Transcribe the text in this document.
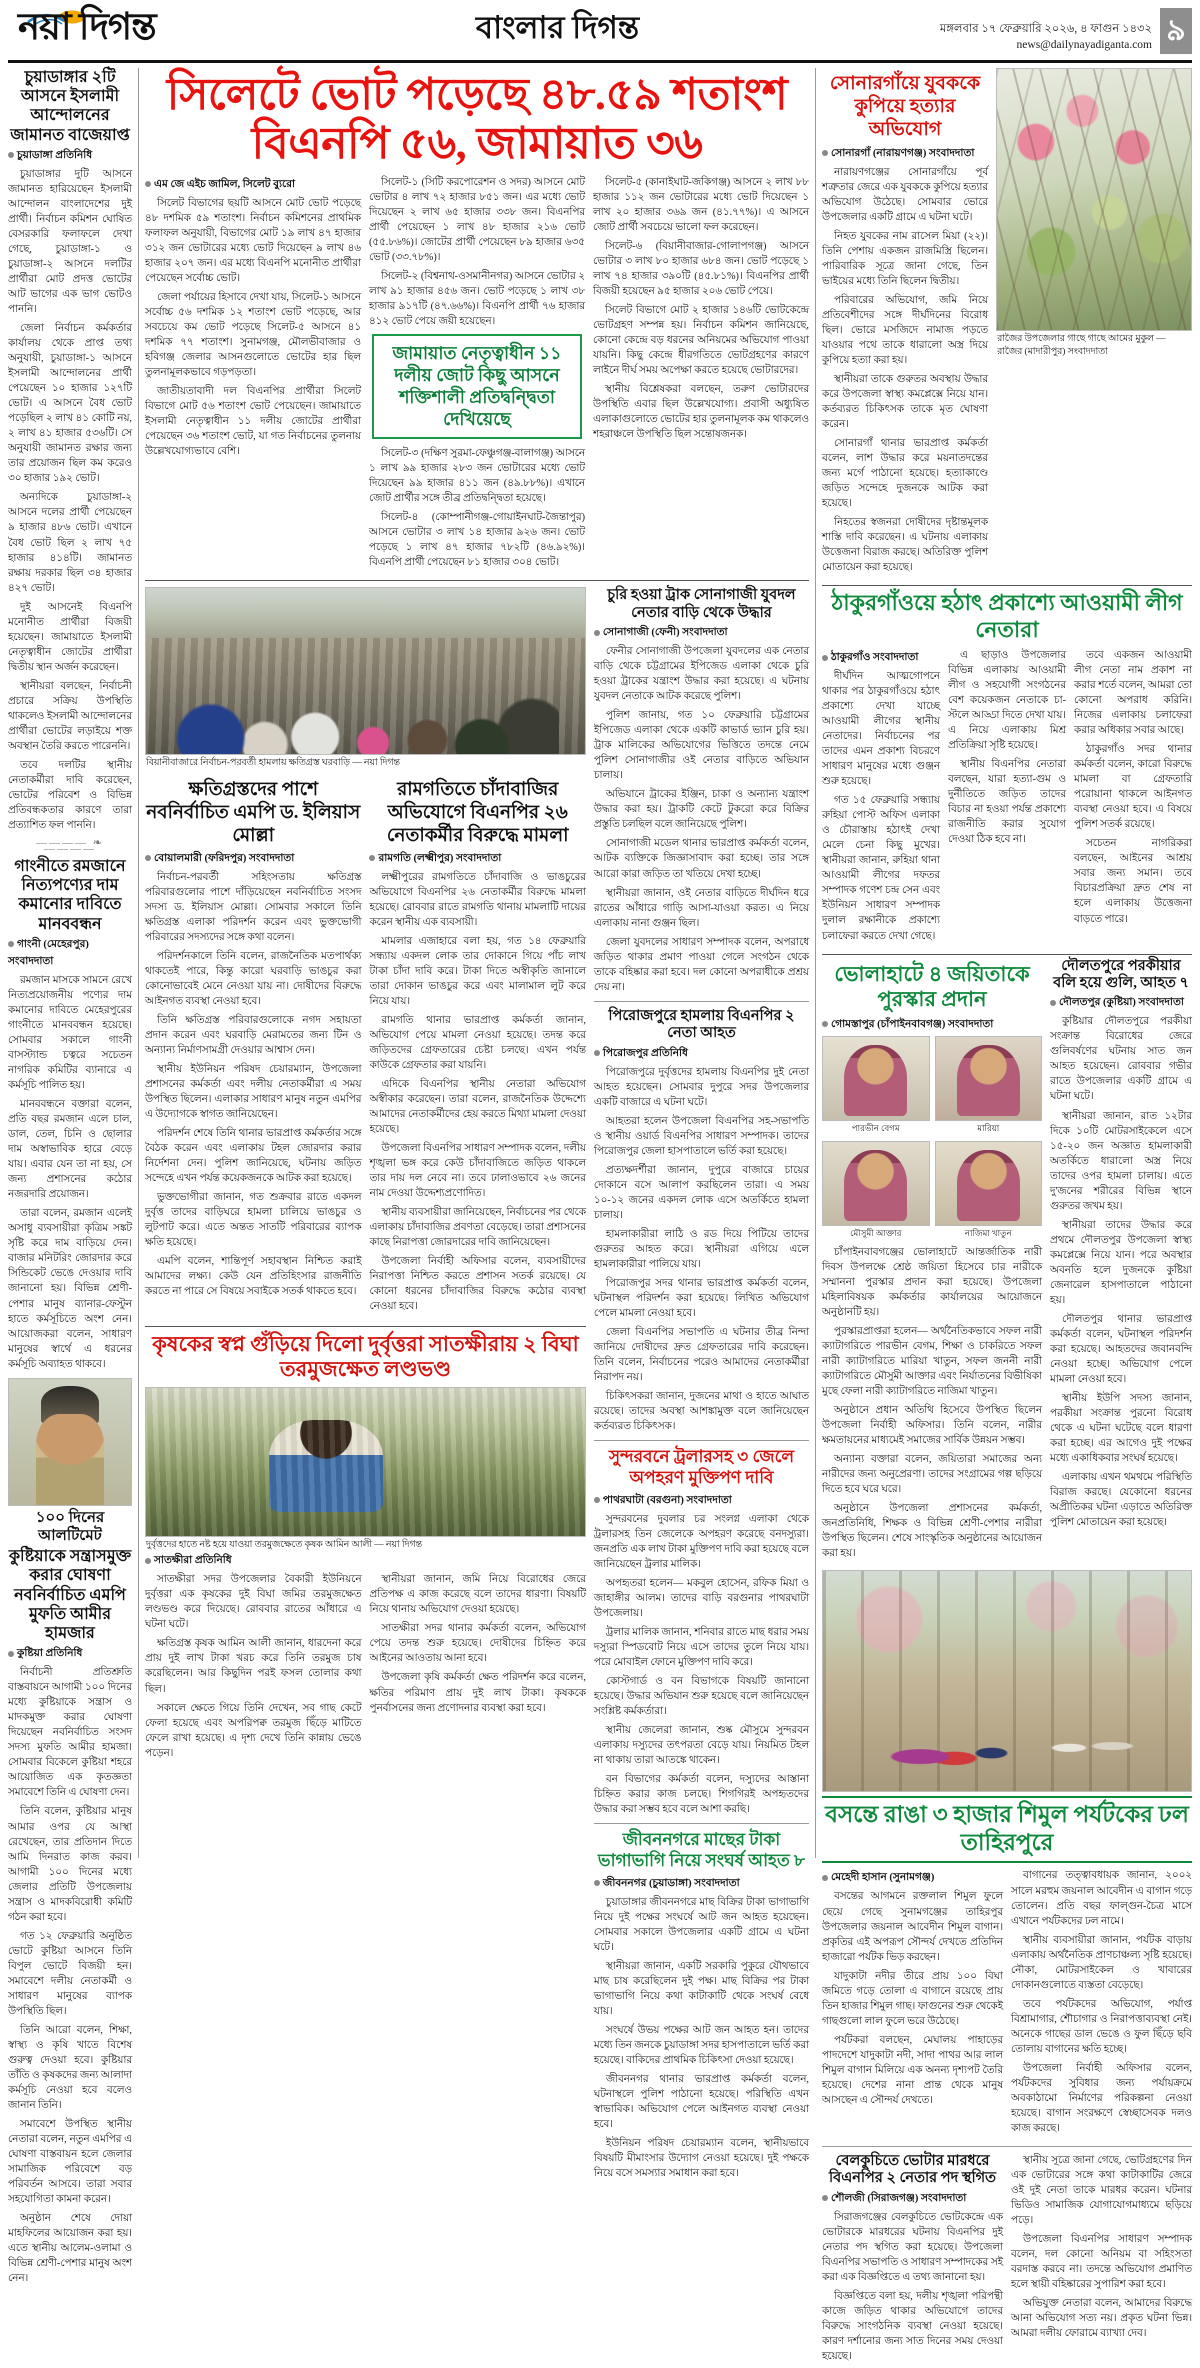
নয়া দিগন্ত	বাংলার দিগন্ত	মঙ্গলবার ১৭ ফেব্রুয়ারি ২০২৬, ৪ ফাগুন ১৪৩২
news@dailynayadiganta.com ৯
চুয়াডাঙ্গার ২টি আসনে ইসলামী আন্দোলনের জামানত বাজেয়াপ্ত
চুয়াডাঙ্গা প্রতিনিধি

চুয়াডাঙ্গার দুটি আসনে জামানত হারিয়েছেন ইসলামী আন্দোলন বাংলাদেশের দুই প্রার্থী। নির্বাচন কমিশন ঘোষিত বেসরকারি ফলাফলে দেখা গেছে, চুয়াডাঙ্গা-১ ও চুয়াডাঙ্গা-২ আসনে দলটির প্রার্থীরা মোট প্রদত্ত ভোটের আট ভাগের এক ভাগ ভোটও পাননি।

জেলা নির্বাচন কর্মকর্তার কার্যালয় থেকে প্রাপ্ত তথ্য অনুযায়ী, চুয়াডাঙ্গা-১ আসনে ইসলামী আন্দোলনের প্রার্থী পেয়েছেন ১০ হাজার ১২৭টি ভোট। এ আসনে বৈধ ভোট পড়েছিল ২ লাখ ৪১ কোটি নয়, ২ লাখ ৪১ হাজার ৫৩৬টি। সে অনুযায়ী জামানত রক্ষার জন্য তার প্রয়োজন ছিল কম করেও ৩০ হাজার ১৯২ ভোট।

অন্যদিকে চুয়াডাঙ্গা-২ আসনে দলের প্রার্থী পেয়েছেন ৯ হাজার ৪৮৬ ভোট। এখানে বৈধ ভোট ছিল ২ লাখ ৭৫ হাজার ৪১৪টি। জামানত রক্ষায় দরকার ছিল ৩৪ হাজার ৪২৭ ভোট।

দুই আসনেই বিএনপি মনোনীত প্রার্থীরা বিজয়ী হয়েছেন। জামায়াতে ইসলামী নেতৃত্বাধীন জোটের প্রার্থীরা দ্বিতীয় স্থান অর্জন করেছেন।

স্থানীয়রা বলছেন, নির্বাচনী প্রচারে সক্রিয় উপস্থিতি থাকলেও ইসলামী আন্দোলনের প্রার্থীরা ভোটের লড়াইয়ে শক্ত অবস্থান তৈরি করতে পারেননি।

তবে দলটির স্থানীয় নেতাকর্মীরা দাবি করেছেন, ভোটের পরিবেশ ও বিভিন্ন প্রতিবন্ধকতার কারণে তারা প্রত্যাশিত ফল পাননি।

———— ❧ ————
গাংনীতে রমজানে নিত্যপণ্যের দাম কমানোর দাবিতে মানববন্ধন
গাংনী (মেহেরপুর) সংবাদদাতা

রমজান মাসকে সামনে রেখে নিত্যপ্রয়োজনীয় পণ্যের দাম কমানোর দাবিতে মেহেরপুরের গাংনীতে মানববন্ধন হয়েছে। সোমবার সকালে গাংনী বাসস্ট্যান্ড চত্বরে সচেতন নাগরিক কমিটির ব্যানারে এ কর্মসূচি পালিত হয়।

মানববন্ধনে বক্তারা বলেন, প্রতি বছর রমজান এলে চাল, ডাল, তেল, চিনি ও ছোলার দাম অস্বাভাবিক হারে বেড়ে যায়। এবার যেন তা না হয়, সে জন্য প্রশাসনের কঠোর নজরদারি প্রয়োজন।

তারা বলেন, রমজান এলেই অসাধু ব্যবসায়ীরা কৃত্রিম সঙ্কট সৃষ্টি করে দাম বাড়িয়ে দেন। বাজার মনিটরিং জোরদার করে সিন্ডিকেট ভেঙে দেওয়ার দাবি জানানো হয়। বিভিন্ন শ্রেণী-পেশার মানুষ ব্যানার-ফেস্টুন হাতে কর্মসূচিতে অংশ নেন। আয়োজকরা বলেন, সাধারণ মানুষের স্বার্থে এ ধরনের কর্মসূচি অব্যাহত থাকবে।

১০০ দিনের আলটিমেট
কুষ্টিয়াকে সন্ত্রাসমুক্ত করার ঘোষণা নবনির্বাচিত এমপি মুফতি আমীর হামজার
কুষ্টিয়া প্রতিনিধি

নির্বাচনী প্রতিশ্রুতি বাস্তবায়নে আগামী ১০০ দিনের মধ্যে কুষ্টিয়াকে সন্ত্রাস ও মাদকমুক্ত করার ঘোষণা দিয়েছেন নবনির্বাচিত সংসদ সদস্য মুফতি আমীর হামজা। সোমবার বিকেলে কুষ্টিয়া শহরে আয়োজিত এক কৃতজ্ঞতা সমাবেশে তিনি এ ঘোষণা দেন।

তিনি বলেন, কুষ্টিয়ার মানুষ আমার ওপর যে আস্থা রেখেছেন, তার প্রতিদান দিতে আমি দিনরাত কাজ করব। আগামী ১০০ দিনের মধ্যে জেলার প্রতিটি উপজেলায় সন্ত্রাস ও মাদকবিরোধী কমিটি গঠন করা হবে।

গত ১২ ফেব্রুয়ারি অনুষ্ঠিত ভোটে কুষ্টিয়া আসনে তিনি বিপুল ভোটে বিজয়ী হন। সমাবেশে দলীয় নেতাকর্মী ও সাধারণ মানুষের ব্যাপক উপস্থিতি ছিল।

তিনি আরো বলেন, শিক্ষা, স্বাস্থ্য ও কৃষি খাতে বিশেষ গুরুত্ব দেওয়া হবে। কুষ্টিয়ার তাঁতি ও কৃষকদের জন্য আলাদা কর্মসূচি নেওয়া হবে বলেও জানান তিনি।

সমাবেশে উপস্থিত স্থানীয় নেতারা বলেন, নতুন এমপির এ ঘোষণা বাস্তবায়ন হলে জেলার সামাজিক পরিবেশে বড় পরিবর্তন আসবে। তারা সবার সহযোগিতা কামনা করেন।

অনুষ্ঠান শেষে দোয়া মাহফিলের আয়োজন করা হয়। এতে স্থানীয় আলেম-ওলামা ও বিভিন্ন শ্রেণী-পেশার মানুষ অংশ নেন।

সিলেটে ভোট পড়েছে ৪৮.৫৯ শতাংশ
বিএনপি ৫৬, জামায়াত ৩৬
এম জে এইচ জামিল, সিলেট ব্যুরো

সিলেট বিভাগের ছয়টি আসনে মোট ভোট পড়েছে ৪৮ দশমিক ৫৯ শতাংশ। নির্বাচন কমিশনের প্রাথমিক ফলাফল অনুযায়ী, বিভাগের মোট ১৯ লাখ ৪৭ হাজার ৩১২ জন ভোটারের মধ্যে ভোট দিয়েছেন ৯ লাখ ৪৬ হাজার ২০৭ জন। এর মধ্যে বিএনপি মনোনীত প্রার্থীরা পেয়েছেন সর্বোচ্চ ভোট।

জেলা পর্যায়ের হিসাবে দেখা যায়, সিলেট-১ আসনে সর্বোচ্চ ৫৬ দশমিক ১২ শতাংশ ভোট পড়েছে, আর সবচেয়ে কম ভোট পড়েছে সিলেট-৫ আসনে ৪১ দশমিক ৭৭ শতাংশ। সুনামগঞ্জ, মৌলভীবাজার ও হবিগঞ্জ জেলার আসনগুলোতে ভোটের হার ছিল তুলনামূলকভাবে গড়পড়তা।

জাতীয়তাবাদী দল বিএনপির প্রার্থীরা সিলেট বিভাগে মোট ৫৬ শতাংশ ভোট পেয়েছেন। জামায়াতে ইসলামী নেতৃত্বাধীন ১১ দলীয় জোটের প্রার্থীরা পেয়েছেন ৩৬ শতাংশ ভোট, যা গত নির্বাচনের তুলনায় উল্লেখযোগ্যভাবে বেশি।

সিলেট-১ (সিটি করপোরেশন ও সদর) আসনে মোট ভোটার ৪ লাখ ৭২ হাজার ৮৫১ জন। এর মধ্যে ভোট দিয়েছেন ২ লাখ ৬৫ হাজার ৩৩৮ জন। বিএনপির প্রার্থী পেয়েছেন ১ লাখ ৪৮ হাজার ২১৬ ভোট (৫৫.৮৬%)। জোটের প্রার্থী পেয়েছেন ৮৯ হাজার ৬৩৫ ভোট (৩৩.৭৮%)।

সিলেট-২ (বিশ্বনাথ-ওসমানীনগর) আসনে ভোটার ২ লাখ ৯১ হাজার ৪৫৬ জন। ভোট পড়েছে ১ লাখ ৩৮ হাজার ৯১৭টি (৪৭.৬৬%)। বিএনপি প্রার্থী ৭৬ হাজার ৪১২ ভোট পেয়ে জয়ী হয়েছেন।

জামায়াত নেতৃত্বাধীন ১১ দলীয় জোট কিছু আসনে শক্তিশালী প্রতিদ্বন্দ্বিতা দেখিয়েছে

সিলেট-৩ (দক্ষিণ সুরমা-ফেঞ্চুগঞ্জ-বালাগঞ্জ) আসনে ১ লাখ ৯৯ হাজার ২৮৩ জন ভোটারের মধ্যে ভোট দিয়েছেন ৯৯ হাজার ৪১১ জন (৪৯.৮৮%)। এখানে জোট প্রার্থীর সঙ্গে তীব্র প্রতিদ্বন্দ্বিতা হয়েছে।

সিলেট-৪ (কোম্পানীগঞ্জ-গোয়াইনঘাট-জৈন্তাপুর) আসনে ভোটার ৩ লাখ ১৪ হাজার ৯২৬ জন। ভোট পড়েছে ১ লাখ ৪৭ হাজার ৭৮২টি (৪৬.৯২%)। বিএনপি প্রার্থী পেয়েছেন ৮১ হাজার ৩০৪ ভোট।

সিলেট-৫ (কানাইঘাট-জকিগঞ্জ) আসনে ২ লাখ ৮৮ হাজার ১১২ জন ভোটারের মধ্যে ভোট দিয়েছেন ১ লাখ ২০ হাজার ৩৬৯ জন (৪১.৭৭%)। এ আসনে জোট প্রার্থী সবচেয়ে ভালো ফল করেছেন।

সিলেট-৬ (বিয়ানীবাজার-গোলাপগঞ্জ) আসনে ভোটার ৩ লাখ ৮০ হাজার ৬৮৪ জন। ভোট পড়েছে ১ লাখ ৭৪ হাজার ৩৯০টি (৪৫.৮১%)। বিএনপির প্রার্থী বিজয়ী হয়েছেন ৯৫ হাজার ২০৬ ভোট পেয়ে।

সিলেট বিভাগে মোট ২ হাজার ১৪৬টি ভোটকেন্দ্রে ভোটগ্রহণ সম্পন্ন হয়। নির্বাচন কমিশন জানিয়েছে, কোনো কেন্দ্রে বড় ধরনের অনিয়মের অভিযোগ পাওয়া যায়নি। কিছু কেন্দ্রে ধীরগতিতে ভোটগ্রহণের কারণে লাইনে দীর্ঘ সময় অপেক্ষা করতে হয়েছে ভোটারদের।

স্থানীয় বিশ্লেষকরা বলছেন, তরুণ ভোটারদের উপস্থিতি এবার ছিল উল্লেখযোগ্য। প্রবাসী অধ্যুষিত এলাকাগুলোতে ভোটের হার তুলনামূলক কম থাকলেও শহরাঞ্চলে উপস্থিতি ছিল সন্তোষজনক।

বিয়ানীবাজারে নির্বাচন-পরবর্তী হামলায় ক্ষতিগ্রস্ত ঘরবাড়ি — নয়া দিগন্ত
ক্ষতিগ্রস্তদের পাশে নবনির্বাচিত এমপি ড. ইলিয়াস মোল্লা
বোয়ালমারী (ফরিদপুর) সংবাদদাতা

নির্বাচন-পরবর্তী সহিংসতায় ক্ষতিগ্রস্ত পরিবারগুলোর পাশে দাঁড়িয়েছেন নবনির্বাচিত সংসদ সদস্য ড. ইলিয়াস মোল্লা। সোমবার সকালে তিনি ক্ষতিগ্রস্ত এলাকা পরিদর্শন করেন এবং ভুক্তভোগী পরিবারের সদস্যদের সঙ্গে কথা বলেন।

পরিদর্শনকালে তিনি বলেন, রাজনৈতিক মতপার্থক্য থাকতেই পারে, কিন্তু কারো ঘরবাড়ি ভাঙচুর করা কোনোভাবেই মেনে নেওয়া যায় না। দোষীদের বিরুদ্ধে আইনগত ব্যবস্থা নেওয়া হবে।

তিনি ক্ষতিগ্রস্ত পরিবারগুলোকে নগদ সহায়তা প্রদান করেন এবং ঘরবাড়ি মেরামতের জন্য টিন ও অন্যান্য নির্মাণসামগ্রী দেওয়ার আশ্বাস দেন।

স্থানীয় ইউনিয়ন পরিষদ চেয়ারম্যান, উপজেলা প্রশাসনের কর্মকর্তা এবং দলীয় নেতাকর্মীরা এ সময় উপস্থিত ছিলেন। এলাকার সাধারণ মানুষ নতুন এমপির এ উদ্যোগকে স্বাগত জানিয়েছেন।

পরিদর্শন শেষে তিনি থানার ভারপ্রাপ্ত কর্মকর্তার সঙ্গে বৈঠক করেন এবং এলাকায় টহল জোরদার করার নির্দেশনা দেন। পুলিশ জানিয়েছে, ঘটনায় জড়িত সন্দেহে এখন পর্যন্ত কয়েকজনকে আটক করা হয়েছে।

ভুক্তভোগীরা জানান, গত শুক্রবার রাতে একদল দুর্বৃত্ত তাদের বাড়িঘরে হামলা চালিয়ে ভাঙচুর ও লুটপাট করে। এতে অন্তত সাতটি পরিবারের ব্যাপক ক্ষতি হয়েছে।

এমপি বলেন, শান্তিপূর্ণ সহাবস্থান নিশ্চিত করাই আমাদের লক্ষ্য। কেউ যেন প্রতিহিংসার রাজনীতি করতে না পারে সে বিষয়ে সবাইকে সতর্ক থাকতে হবে।

রামগতিতে চাঁদাবাজির অভিযোগে বিএনপির ২৬ নেতাকর্মীর বিরুদ্ধে মামলা
রামগতি (লক্ষ্মীপুর) সংবাদদাতা

লক্ষ্মীপুরের রামগতিতে চাঁদাবাজি ও ভাঙচুরের অভিযোগে বিএনপির ২৬ নেতাকর্মীর বিরুদ্ধে মামলা হয়েছে। রোববার রাতে রামগতি থানায় মামলাটি দায়ের করেন স্থানীয় এক ব্যবসায়ী।

মামলার এজাহারে বলা হয়, গত ১৪ ফেব্রুয়ারি সন্ধ্যায় একদল লোক তার দোকানে গিয়ে পাঁচ লাখ টাকা চাঁদা দাবি করে। টাকা দিতে অস্বীকৃতি জানালে তারা দোকান ভাঙচুর করে এবং মালামাল লুট করে নিয়ে যায়।

রামগতি থানার ভারপ্রাপ্ত কর্মকর্তা জানান, অভিযোগ পেয়ে মামলা নেওয়া হয়েছে। তদন্ত করে জড়িতদের গ্রেফতারের চেষ্টা চলছে। এখন পর্যন্ত কাউকে গ্রেফতার করা যায়নি।

এদিকে বিএনপির স্থানীয় নেতারা অভিযোগ অস্বীকার করেছেন। তারা বলেন, রাজনৈতিক উদ্দেশ্যে আমাদের নেতাকর্মীদের হেয় করতে মিথ্যা মামলা দেওয়া হয়েছে।

উপজেলা বিএনপির সাধারণ সম্পাদক বলেন, দলীয় শৃঙ্খলা ভঙ্গ করে কেউ চাঁদাবাজিতে জড়িত থাকলে তার দায় দল নেবে না। তবে ঢালাওভাবে ২৬ জনের নাম দেওয়া উদ্দেশ্যপ্রণোদিত।

স্থানীয় ব্যবসায়ীরা জানিয়েছেন, নির্বাচনের পর থেকে এলাকায় চাঁদাবাজির প্রবণতা বেড়েছে। তারা প্রশাসনের কাছে নিরাপত্তা জোরদারের দাবি জানিয়েছেন।

উপজেলা নির্বাহী অফিসার বলেন, ব্যবসায়ীদের নিরাপত্তা নিশ্চিত করতে প্রশাসন সতর্ক রয়েছে। যে কোনো ধরনের চাঁদাবাজির বিরুদ্ধে কঠোর ব্যবস্থা নেওয়া হবে।

কৃষকের স্বপ্ন গুঁড়িয়ে দিলো দুর্বৃত্তরা সাতক্ষীরায় ২ বিঘা তরমুজক্ষেত লণ্ডভণ্ড
দুর্বৃত্তদের হাতে নষ্ট হয়ে যাওয়া তরমুজক্ষেতে কৃষক আমিন আলী — নয়া দিগন্ত
সাতক্ষীরা প্রতিনিধি

সাতক্ষীরা সদর উপজেলার বৈকারী ইউনিয়নে দুর্বৃত্তরা এক কৃষকের দুই বিঘা জমির তরমুজক্ষেত লণ্ডভণ্ড করে দিয়েছে। রোববার রাতের আঁধারে এ ঘটনা ঘটে।

ক্ষতিগ্রস্ত কৃষক আমিন আলী জানান, ধারদেনা করে প্রায় দুই লাখ টাকা খরচ করে তিনি তরমুজ চাষ করেছিলেন। আর কিছুদিন পরই ফসল তোলার কথা ছিল।

সকালে ক্ষেতে গিয়ে তিনি দেখেন, সব গাছ কেটে ফেলা হয়েছে এবং অপরিপক্ব তরমুজ ছিঁড়ে মাটিতে ফেলে রাখা হয়েছে। এ দৃশ্য দেখে তিনি কান্নায় ভেঙে পড়েন।

স্থানীয়রা জানান, জমি নিয়ে বিরোধের জেরে প্রতিপক্ষ এ কাজ করেছে বলে তাদের ধারণা। বিষয়টি নিয়ে থানায় অভিযোগ দেওয়া হয়েছে।

সাতক্ষীরা সদর থানার কর্মকর্তা বলেন, অভিযোগ পেয়ে তদন্ত শুরু হয়েছে। দোষীদের চিহ্নিত করে আইনের আওতায় আনা হবে।

উপজেলা কৃষি কর্মকর্তা ক্ষেত পরিদর্শন করে বলেন, ক্ষতির পরিমাণ প্রায় দুই লাখ টাকা। কৃষককে পুনর্বাসনের জন্য প্রণোদনার ব্যবস্থা করা হবে।

চুরি হওয়া ট্রাক সোনাগাজী যুবদল নেতার বাড়ি থেকে উদ্ধার
সোনাগাজী (ফেনী) সংবাদদাতা

ফেনীর সোনাগাজী উপজেলা যুবদলের এক নেতার বাড়ি থেকে চট্টগ্রামের ইপিজেড এলাকা থেকে চুরি হওয়া ট্রাকের যন্ত্রাংশ উদ্ধার করা হয়েছে। এ ঘটনায় যুবদল নেতাকে আটক করেছে পুলিশ।

পুলিশ জানায়, গত ১০ ফেব্রুয়ারি চট্টগ্রামের ইপিজেড এলাকা থেকে একটি কাভার্ড ভ্যান চুরি হয়। ট্রাক মালিকের অভিযোগের ভিত্তিতে তদন্তে নেমে পুলিশ সোনাগাজীর ওই নেতার বাড়িতে অভিযান চালায়।

অভিযানে ট্রাকের ইঞ্জিন, চাকা ও অন্যান্য যন্ত্রাংশ উদ্ধার করা হয়। ট্রাকটি কেটে টুকরো করে বিক্রির প্রস্তুতি চলছিল বলে জানিয়েছে পুলিশ।

সোনাগাজী মডেল থানার ভারপ্রাপ্ত কর্মকর্তা বলেন, আটক ব্যক্তিকে জিজ্ঞাসাবাদ করা হচ্ছে। তার সঙ্গে আরো কারা জড়িত তা খতিয়ে দেখা হচ্ছে।

স্থানীয়রা জানান, ওই নেতার বাড়িতে দীর্ঘদিন ধরে রাতের আঁধারে গাড়ি আসা-যাওয়া করত। এ নিয়ে এলাকায় নানা গুঞ্জন ছিল।

জেলা যুবদলের সাধারণ সম্পাদক বলেন, অপরাধে জড়িত থাকার প্রমাণ পাওয়া গেলে সংগঠন থেকে তাকে বহিষ্কার করা হবে। দল কোনো অপরাধীকে প্রশ্রয় দেয় না।

পিরোজপুরে হামলায় বিএনপির ২ নেতা আহত
পিরোজপুর প্রতিনিধি

পিরোজপুরে দুর্বৃত্তদের হামলায় বিএনপির দুই নেতা আহত হয়েছেন। সোমবার দুপুরে সদর উপজেলার একটি বাজারে এ ঘটনা ঘটে।

আহতরা হলেন উপজেলা বিএনপির সহ-সভাপতি ও স্থানীয় ওয়ার্ড বিএনপির সাধারণ সম্পাদক। তাদের পিরোজপুর জেলা হাসপাতালে ভর্তি করা হয়েছে।

প্রত্যক্ষদর্শীরা জানান, দুপুরে বাজারে চায়ের দোকানে বসে আলাপ করছিলেন তারা। এ সময় ১০-১২ জনের একদল লোক এসে অতর্কিতে হামলা চালায়।

হামলাকারীরা লাঠি ও রড দিয়ে পিটিয়ে তাদের গুরুতর আহত করে। স্থানীয়রা এগিয়ে এলে হামলাকারীরা পালিয়ে যায়।

পিরোজপুর সদর থানার ভারপ্রাপ্ত কর্মকর্তা বলেন, ঘটনাস্থল পরিদর্শন করা হয়েছে। লিখিত অভিযোগ পেলে মামলা নেওয়া হবে।

জেলা বিএনপির সভাপতি এ ঘটনার তীব্র নিন্দা জানিয়ে দোষীদের দ্রুত গ্রেফতারের দাবি করেছেন। তিনি বলেন, নির্বাচনের পরেও আমাদের নেতাকর্মীরা নিরাপদ নয়।

চিকিৎসকরা জানান, দুজনের মাথা ও হাতে আঘাত রয়েছে। তাদের অবস্থা আশঙ্কামুক্ত বলে জানিয়েছেন কর্তব্যরত চিকিৎসক।

সুন্দরবনে ট্রলারসহ ৩ জেলে অপহরণ মুক্তিপণ দাবি
পাথরঘাটা (বরগুনা) সংবাদদাতা

সুন্দরবনের দুবলার চর সংলগ্ন এলাকা থেকে ট্রলারসহ তিন জেলেকে অপহরণ করেছে বনদস্যুরা। জনপ্রতি এক লাখ টাকা মুক্তিপণ দাবি করা হয়েছে বলে জানিয়েছেন ট্রলার মালিক।

অপহৃতরা হলেন— মকবুল হোসেন, রফিক মিয়া ও জাহাঙ্গীর আলম। তাদের বাড়ি বরগুনার পাথরঘাটা উপজেলায়।

ট্রলার মালিক জানান, শনিবার রাতে মাছ ধরার সময় দস্যুরা স্পিডবোট নিয়ে এসে তাদের তুলে নিয়ে যায়। পরে মোবাইল ফোনে মুক্তিপণ দাবি করে।

কোস্টগার্ড ও বন বিভাগকে বিষয়টি জানানো হয়েছে। উদ্ধার অভিযান শুরু হয়েছে বলে জানিয়েছেন সংশ্লিষ্ট কর্মকর্তারা।

স্থানীয় জেলেরা জানান, শুষ্ক মৌসুমে সুন্দরবন এলাকায় দস্যুদের তৎপরতা বেড়ে যায়। নিয়মিত টহল না থাকায় তারা আতঙ্কে থাকেন।

বন বিভাগের কর্মকর্তা বলেন, দস্যুদের আস্তানা চিহ্নিত করার কাজ চলছে। শিগগিরই অপহৃতদের উদ্ধার করা সম্ভব হবে বলে আশা করছি।

জীবননগরে মাছের টাকা ভাগাভাগি নিয়ে সংঘর্ষ আহত ৮
জীবননগর (চুয়াডাঙ্গা) সংবাদদাতা

চুয়াডাঙ্গার জীবননগরে মাছ বিক্রির টাকা ভাগাভাগি নিয়ে দুই পক্ষের সংঘর্ষে আট জন আহত হয়েছেন। সোমবার সকালে উপজেলার একটি গ্রামে এ ঘটনা ঘটে।

স্থানীয়রা জানান, একটি সরকারি পুকুরে যৌথভাবে মাছ চাষ করেছিলেন দুই পক্ষ। মাছ বিক্রির পর টাকা ভাগাভাগি নিয়ে কথা কাটাকাটি থেকে সংঘর্ষ বেধে যায়।

সংঘর্ষে উভয় পক্ষের আট জন আহত হন। তাদের মধ্যে তিন জনকে চুয়াডাঙ্গা সদর হাসপাতালে ভর্তি করা হয়েছে। বাকিদের প্রাথমিক চিকিৎসা দেওয়া হয়েছে।

জীবননগর থানার ভারপ্রাপ্ত কর্মকর্তা বলেন, ঘটনাস্থলে পুলিশ পাঠানো হয়েছে। পরিস্থিতি এখন স্বাভাবিক। অভিযোগ পেলে আইনগত ব্যবস্থা নেওয়া হবে।

ইউনিয়ন পরিষদ চেয়ারম্যান বলেন, স্থানীয়ভাবে বিষয়টি মীমাংসার উদ্যোগ নেওয়া হয়েছে। দুই পক্ষকে নিয়ে বসে সমস্যার সমাধান করা হবে।

সোনারগাঁয়ে যুবককে কুপিয়ে হত্যার অভিযোগ
সোনারগাঁ (নারায়ণগঞ্জ) সংবাদদাতা

নারায়ণগঞ্জের সোনারগাঁয়ে পূর্ব শত্রুতার জেরে এক যুবককে কুপিয়ে হত্যার অভিযোগ উঠেছে। সোমবার ভোরে উপজেলার একটি গ্রামে এ ঘটনা ঘটে।

নিহত যুবকের নাম রাসেল মিয়া (২২)। তিনি পেশায় একজন রাজমিস্ত্রি ছিলেন। পারিবারিক সূত্রে জানা গেছে, তিন ভাইয়ের মধ্যে তিনি ছিলেন দ্বিতীয়।

পরিবারের অভিযোগ, জমি নিয়ে প্রতিবেশীদের সঙ্গে দীর্ঘদিনের বিরোধ ছিল। ভোরে মসজিদে নামাজ পড়তে যাওয়ার পথে তাকে ধারালো অস্ত্র দিয়ে কুপিয়ে হত্যা করা হয়।

স্থানীয়রা তাকে গুরুতর অবস্থায় উদ্ধার করে উপজেলা স্বাস্থ্য কমপ্লেক্সে নিয়ে যান। কর্তব্যরত চিকিৎসক তাকে মৃত ঘোষণা করেন।

সোনারগাঁ থানার ভারপ্রাপ্ত কর্মকর্তা বলেন, লাশ উদ্ধার করে ময়নাতদন্তের জন্য মর্গে পাঠানো হয়েছে। হত্যাকাণ্ডে জড়িত সন্দেহে দুজনকে আটক করা হয়েছে।

নিহতের স্বজনরা দোষীদের দৃষ্টান্তমূলক শাস্তি দাবি করেছেন। এ ঘটনায় এলাকায় উত্তেজনা বিরাজ করছে। অতিরিক্ত পুলিশ মোতায়েন করা হয়েছে।

রাজৈর উপজেলার গাছে গাছে আমের মুকুল — রাজৈর (মাদারীপুর) সংবাদদাতা
ঠাকুরগাঁওয়ে হঠাৎ প্রকাশ্যে আওয়ামী লীগ নেতারা
ঠাকুরগাঁও সংবাদদাতা

দীর্ঘদিন আত্মগোপনে থাকার পর ঠাকুরগাঁওয়ে হঠাৎ প্রকাশ্যে দেখা যাচ্ছে আওয়ামী লীগের স্থানীয় নেতাদের। নির্বাচনের পর তাদের এমন প্রকাশ্য বিচরণে সাধারণ মানুষের মধ্যে গুঞ্জন শুরু হয়েছে।

গত ১৫ ফেব্রুয়ারি সন্ধ্যায় রুহিয়া পোস্ট অফিস এলাকা ও চৌরাস্তায় হঠাৎই দেখা মেলে চেনা কিছু মুখের। স্থানীয়রা জানান, রুহিয়া থানা আওয়ামী লীগের দফতর সম্পাদক গণেশ চন্দ্র সেন এবং ইউনিয়ন সাধারণ সম্পাদক দুলাল রক্ষানীকে প্রকাশ্যে চলাফেরা করতে দেখা গেছে।

এ ছাড়াও উপজেলার বিভিন্ন এলাকায় আওয়ামী লীগ ও সহযোগী সংগঠনের বেশ কয়েকজন নেতাকে চা-স্টলে আড্ডা দিতে দেখা যায়। এ নিয়ে এলাকায় মিশ্র প্রতিক্রিয়া সৃষ্টি হয়েছে।

স্থানীয় বিএনপির নেতারা বলছেন, যারা হত্যা-গুম ও দুর্নীতিতে জড়িত তাদের বিচার না হওয়া পর্যন্ত প্রকাশ্যে রাজনীতি করার সুযোগ দেওয়া ঠিক হবে না।

তবে একজন আওয়ামী লীগ নেতা নাম প্রকাশ না করার শর্তে বলেন, আমরা তো কোনো অপরাধ করিনি। নিজের এলাকায় চলাফেরা করার অধিকার সবার আছে।

ঠাকুরগাঁও সদর থানার কর্মকর্তা বলেন, কারো বিরুদ্ধে মামলা বা গ্রেফতারি পরোয়ানা থাকলে আইনগত ব্যবস্থা নেওয়া হবে। এ বিষয়ে পুলিশ সতর্ক রয়েছে।

সচেতন নাগরিকরা বলছেন, আইনের আশ্রয় সবার জন্য সমান। তবে বিচারপ্রক্রিয়া দ্রুত শেষ না হলে এলাকায় উত্তেজনা বাড়তে পারে।

ভোলাহাটে ৪ জয়িতাকে পুরস্কার প্রদান
গোমস্তাপুর (চাঁপাইনবাবগঞ্জ) সংবাদদাতা
পারভীন বেগম	মারিয়া
মৌসুমী আক্তার	নাজিমা খাতুন

চাঁপাইনবাবগঞ্জের ভোলাহাটে আন্তর্জাতিক নারী দিবস উপলক্ষে শ্রেষ্ঠ জয়িতা হিসেবে চার নারীকে সম্মাননা পুরস্কার প্রদান করা হয়েছে। উপজেলা মহিলাবিষয়ক কর্মকর্তার কার্যালয়ের আয়োজনে অনুষ্ঠানটি হয়।

পুরস্কারপ্রাপ্তরা হলেন— অর্থনৈতিকভাবে সফল নারী ক্যাটাগরিতে পারভীন বেগম, শিক্ষা ও চাকরিতে সফল নারী ক্যাটাগরিতে মারিয়া খাতুন, সফল জননী নারী ক্যাটাগরিতে মৌসুমী আক্তার এবং নির্যাতনের বিভীষিকা মুছে ফেলা নারী ক্যাটাগরিতে নাজিমা খাতুন।

অনুষ্ঠানে প্রধান অতিথি হিসেবে উপস্থিত ছিলেন উপজেলা নির্বাহী অফিসার। তিনি বলেন, নারীর ক্ষমতায়নের মাধ্যমেই সমাজের সার্বিক উন্নয়ন সম্ভব।

অন্যান্য বক্তারা বলেন, জয়িতারা সমাজের অন্য নারীদের জন্য অনুপ্রেরণা। তাদের সংগ্রামের গল্প ছড়িয়ে দিতে হবে ঘরে ঘরে।

অনুষ্ঠানে উপজেলা প্রশাসনের কর্মকর্তা, জনপ্রতিনিধি, শিক্ষক ও বিভিন্ন শ্রেণী-পেশার নারীরা উপস্থিত ছিলেন। শেষে সাংস্কৃতিক অনুষ্ঠানের আয়োজন করা হয়।

দৌলতপুরে পরকীয়ার বলি হয়ে গুলি, আহত ৭
দৌলতপুর (কুষ্টিয়া) সংবাদদাতা

কুষ্টিয়ার দৌলতপুরে পরকীয়া সংক্রান্ত বিরোধের জেরে গুলিবর্ষণের ঘটনায় সাত জন আহত হয়েছেন। রোববার গভীর রাতে উপজেলার একটি গ্রামে এ ঘটনা ঘটে।

স্থানীয়রা জানান, রাত ১২টার দিকে ১০টি মোটরসাইকেলে এসে ১৫-২০ জন অজ্ঞাত হামলাকারী অতর্কিতে ধারালো অস্ত্র নিয়ে তাদের ওপর হামলা চালায়। এতে দু'জনের শরীরের বিভিন্ন স্থানে গুরুতর জখম হয়।

স্থানীয়রা তাদের উদ্ধার করে প্রথমে দৌলতপুর উপজেলা স্বাস্থ্য কমপ্লেক্সে নিয়ে যান। পরে অবস্থার অবনতি হলে দুজনকে কুষ্টিয়া জেনারেল হাসপাতালে পাঠানো হয়।

দৌলতপুর থানার ভারপ্রাপ্ত কর্মকর্তা বলেন, ঘটনাস্থল পরিদর্শন করা হয়েছে। আহতদের জবানবন্দি নেওয়া হচ্ছে। অভিযোগ পেলে মামলা নেওয়া হবে।

স্থানীয় ইউপি সদস্য জানান, পরকীয়া সংক্রান্ত পুরনো বিরোধ থেকে এ ঘটনা ঘটেছে বলে ধারণা করা হচ্ছে। এর আগেও দুই পক্ষের মধ্যে একাধিকবার সংঘর্ষ হয়েছে।

এলাকায় এখন থমথমে পরিস্থিতি বিরাজ করছে। যেকোনো ধরনের অপ্রীতিকর ঘটনা এড়াতে অতিরিক্ত পুলিশ মোতায়েন করা হয়েছে।

বসন্তে রাঙা ৩ হাজার শিমুল পর্যটকের ঢল তাহিরপুরে
মেহেদী হাসান (সুনামগঞ্জ)

বসন্তের আগমনে রক্তলাল শিমুল ফুলে ছেয়ে গেছে সুনামগঞ্জের তাহিরপুর উপজেলার জয়নাল আবেদীন শিমুল বাগান। প্রকৃতির এই অপরূপ সৌন্দর্য দেখতে প্রতিদিন হাজারো পর্যটক ভিড় করছেন।

যাদুকাটা নদীর তীরে প্রায় ১০০ বিঘা জমিতে গড়ে তোলা এ বাগানে রয়েছে প্রায় তিন হাজার শিমুল গাছ। ফাগুনের শুরু থেকেই গাছগুলো লাল ফুলে ভরে উঠেছে।

পর্যটকরা বলছেন, মেঘালয় পাহাড়ের পাদদেশে যাদুকাটা নদী, সাদা পাথর আর লাল শিমুল বাগান মিলিয়ে এক অনন্য দৃশ্যপট তৈরি হয়েছে। দেশের নানা প্রান্ত থেকে মানুষ আসছেন এ সৌন্দর্য দেখতে।

বাগানের তত্ত্বাবধায়ক জানান, ২০০২ সালে মরহুম জয়নাল আবেদীন এ বাগান গড়ে তোলেন। প্রতি বছর ফাল্গুন-চৈত্র মাসে এখানে পর্যটকদের ঢল নামে।

স্থানীয় ব্যবসায়ীরা জানান, পর্যটক বাড়ায় এলাকায় অর্থনৈতিক প্রাণচাঞ্চল্য সৃষ্টি হয়েছে। নৌকা, মোটরসাইকেল ও খাবারের দোকানগুলোতে ব্যস্ততা বেড়েছে।

তবে পর্যটকদের অভিযোগ, পর্যাপ্ত বিশ্রামাগার, শৌচাগার ও নিরাপত্তাব্যবস্থা নেই। অনেকে গাছের ডাল ভেঙে ও ফুল ছিঁড়ে ছবি তোলায় বাগানের ক্ষতি হচ্ছে।

উপজেলা নির্বাহী অফিসার বলেন, পর্যটকদের সুবিধার জন্য পর্যায়ক্রমে অবকাঠামো নির্মাণের পরিকল্পনা নেওয়া হয়েছে। বাগান সংরক্ষণে স্বেচ্ছাসেবক দলও কাজ করছে।

বেলকুচিতে ভোটার মারধরে বিএনপির ২ নেতার পদ স্থগিত
শৌলজী (সিরাজগঞ্জ) সংবাদদাতা

সিরাজগঞ্জের বেলকুচিতে ভোটকেন্দ্রে এক ভোটারকে মারধরের ঘটনায় বিএনপির দুই নেতার পদ স্থগিত করা হয়েছে। উপজেলা বিএনপির সভাপতি ও সাধারণ সম্পাদকের সই করা এক বিজ্ঞপ্তিতে এ তথ্য জানানো হয়।

বিজ্ঞপ্তিতে বলা হয়, দলীয় শৃঙ্খলা পরিপন্থী কাজে জড়িত থাকার অভিযোগে তাদের বিরুদ্ধে সাংগঠনিক ব্যবস্থা নেওয়া হয়েছে। কারণ দর্শানোর জন্য সাত দিনের সময় দেওয়া হয়েছে।

স্থানীয় সূত্রে জানা গেছে, ভোটগ্রহণের দিন এক ভোটারের সঙ্গে কথা কাটাকাটির জেরে ওই দুই নেতা তাকে মারধর করেন। ঘটনার ভিডিও সামাজিক যোগাযোগমাধ্যমে ছড়িয়ে পড়ে।

উপজেলা বিএনপির সাধারণ সম্পাদক বলেন, দল কোনো অনিয়ম বা সহিংসতা বরদাস্ত করবে না। তদন্তে অভিযোগ প্রমাণিত হলে স্থায়ী বহিষ্কারের সুপারিশ করা হবে।

অভিযুক্ত নেতারা বলেন, আমাদের বিরুদ্ধে আনা অভিযোগ সত্য নয়। প্রকৃত ঘটনা ভিন্ন। আমরা দলীয় ফোরামে ব্যাখ্যা দেব।
